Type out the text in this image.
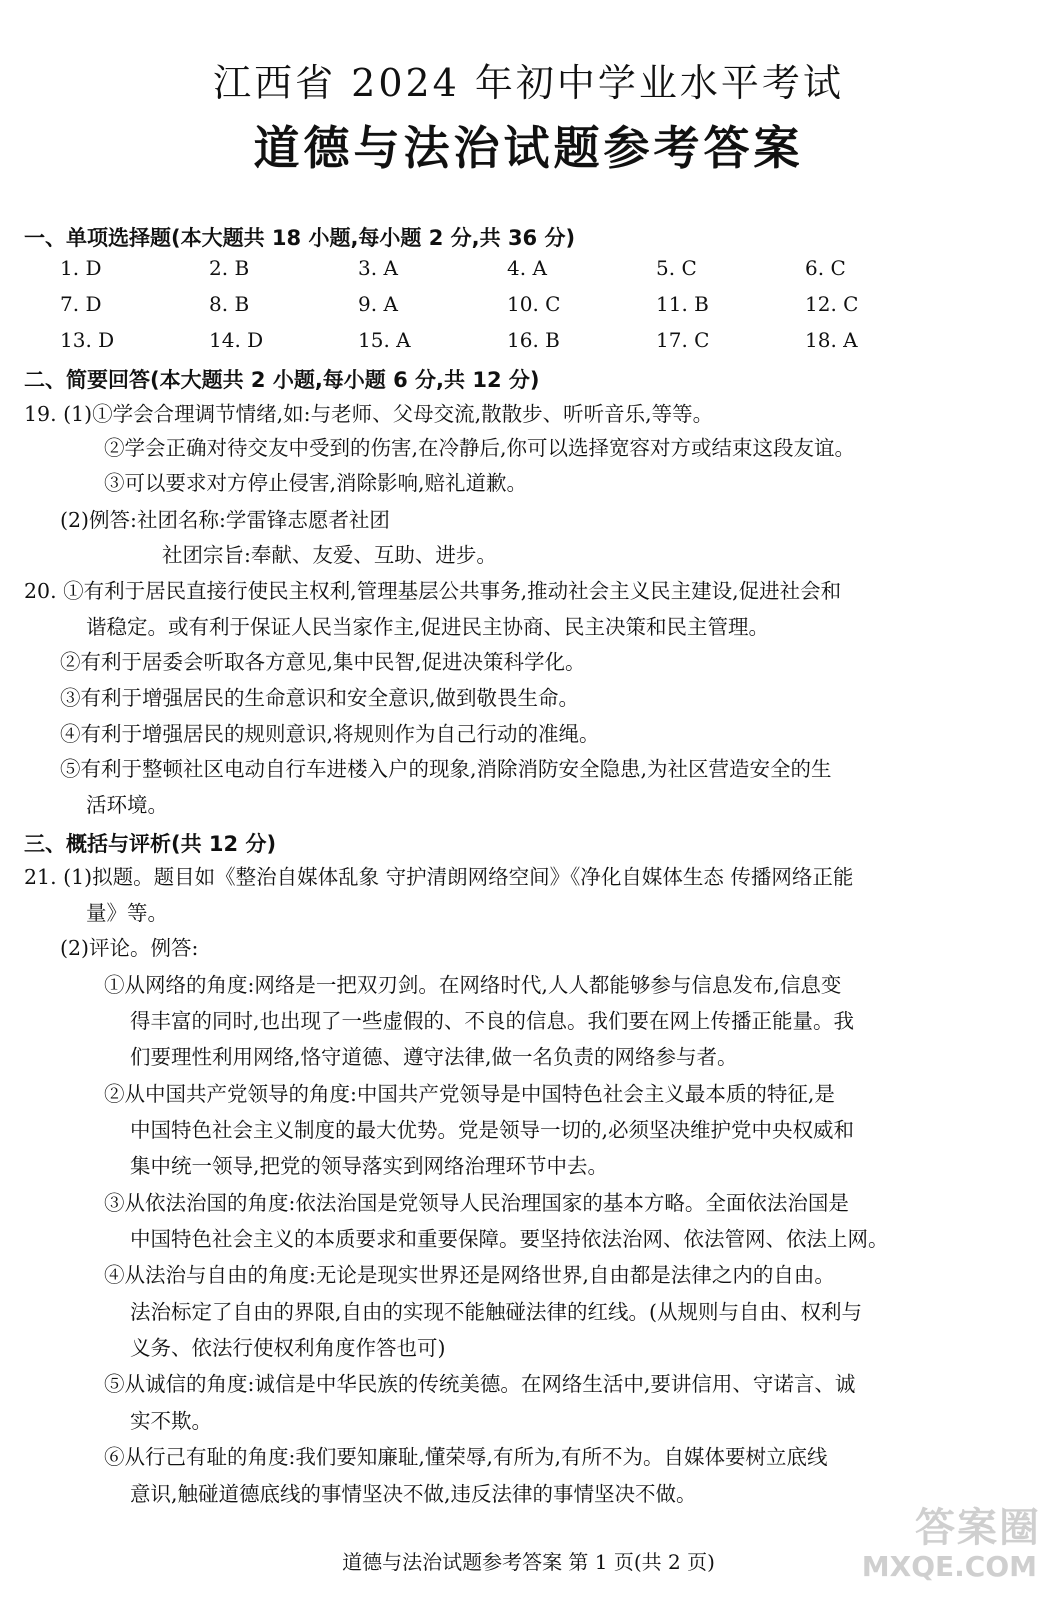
江西省 2024 年初中学业水平考试
道德与法治试题参考答案
一、单项选择题(本大题共 18 小题,每小题 2 分,共 36 分)
1. D	2. B	3. A	4. A	5. C	6. C
7. D	8. B	9. A	10. C	11. B	12. C
13. D	14. D	15. A	16. B	17. C	18. A
二、简要回答(本大题共 2 小题,每小题 6 分,共 12 分)
19. (1)①学会合理调节情绪,如:与老师、父母交流,散散步、听听音乐,等等。
②学会正确对待交友中受到的伤害,在冷静后,你可以选择宽容对方或结束这段友谊。
③可以要求对方停止侵害,消除影响,赔礼道歉。
(2)例答:社团名称:学雷锋志愿者社团
社团宗旨:奉献、友爱、互助、进步。
20. ①有利于居民直接行使民主权利,管理基层公共事务,推动社会主义民主建设,促进社会和
谐稳定。或有利于保证人民当家作主,促进民主协商、民主决策和民主管理。
②有利于居委会听取各方意见,集中民智,促进决策科学化。
③有利于增强居民的生命意识和安全意识,做到敬畏生命。
④有利于增强居民的规则意识,将规则作为自己行动的准绳。
⑤有利于整顿社区电动自行车进楼入户的现象,消除消防安全隐患,为社区营造安全的生
活环境。
三、概括与评析(共 12 分)
21. (1)拟题。题目如《整治自媒体乱象 守护清朗网络空间》《净化自媒体生态 传播网络正能
量》等。
(2)评论。例答:
①从网络的角度:网络是一把双刃剑。在网络时代,人人都能够参与信息发布,信息变
得丰富的同时,也出现了一些虚假的、不良的信息。我们要在网上传播正能量。我
们要理性利用网络,恪守道德、遵守法律,做一名负责的网络参与者。
②从中国共产党领导的角度:中国共产党领导是中国特色社会主义最本质的特征,是
中国特色社会主义制度的最大优势。党是领导一切的,必须坚决维护党中央权威和
集中统一领导,把党的领导落实到网络治理环节中去。
③从依法治国的角度:依法治国是党领导人民治理国家的基本方略。全面依法治国是
中国特色社会主义的本质要求和重要保障。要坚持依法治网、依法管网、依法上网。
④从法治与自由的角度:无论是现实世界还是网络世界,自由都是法律之内的自由。
法治标定了自由的界限,自由的实现不能触碰法律的红线。(从规则与自由、权利与
义务、依法行使权利角度作答也可)
⑤从诚信的角度:诚信是中华民族的传统美德。在网络生活中,要讲信用、守诺言、诚
实不欺。
⑥从行己有耻的角度:我们要知廉耻,懂荣辱,有所为,有所不为。自媒体要树立底线
意识,触碰道德底线的事情坚决不做,违反法律的事情坚决不做。
道德与法治试题参考答案 第 1 页(共 2 页)
答案圈
MXQE.COM
